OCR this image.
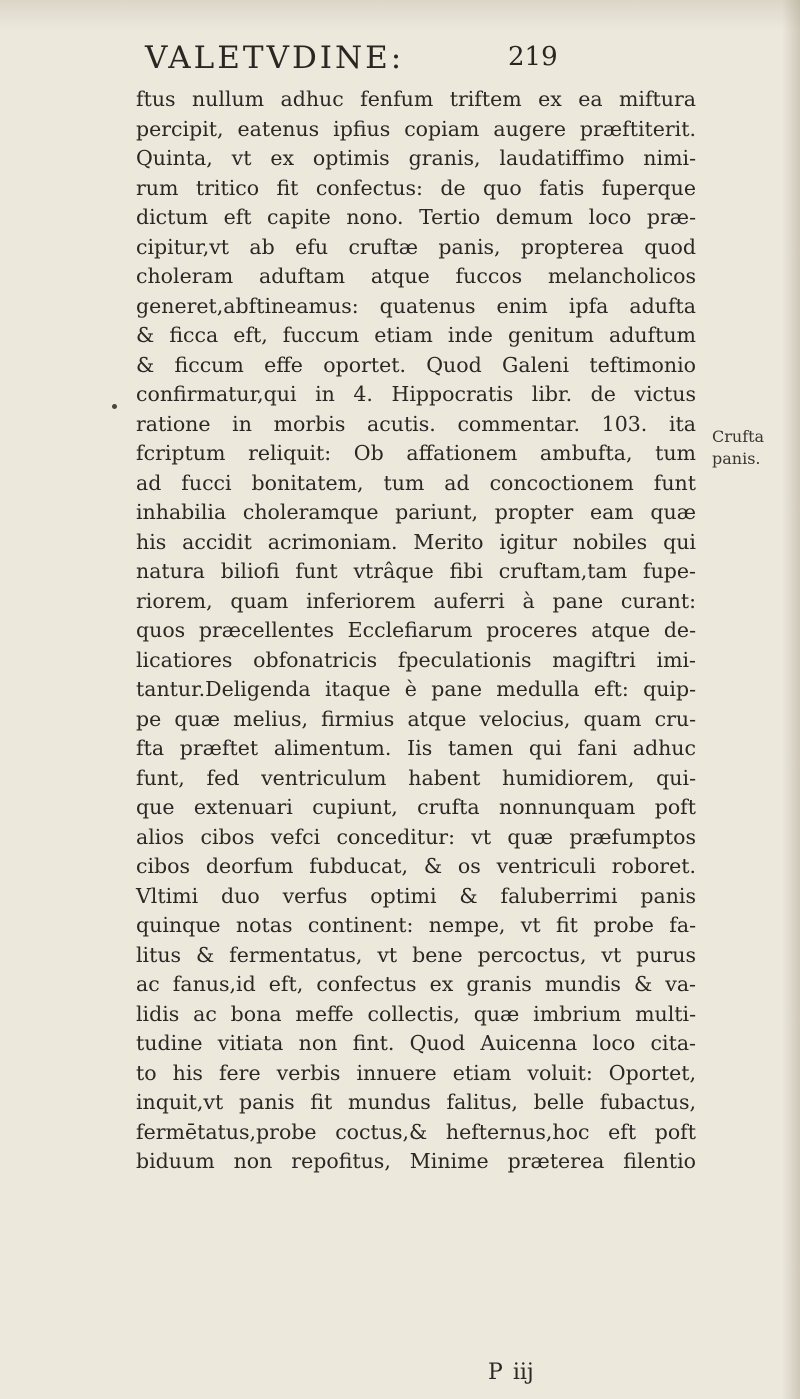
VALETVDINE:	219
ftus nullum adhuc fenfum triftem ex ea miftura
percipit, eatenus ipfius copiam augere præftiterit.
Quinta, vt ex optimis granis, laudatiffimo nimi-
rum tritico fit confectus: de quo fatis fuperque
dictum eft capite nono. Tertio demum loco præ-
cipitur,vt ab efu cruftæ panis, propterea quod
choleram aduftam atque fuccos melancholicos
generet,abftineamus: quatenus enim ipfa adufta
& ficca eft, fuccum etiam inde genitum aduftum
& ficcum effe oportet. Quod Galeni teftimonio
confirmatur,qui in 4. Hippocratis libr. de victus
ratione in morbis acutis. commentar. 103. ita
fcriptum reliquit: Ob affationem ambufta, tum
ad fucci bonitatem, tum ad concoctionem funt
inhabilia choleramque pariunt, propter eam quæ
his accidit acrimoniam. Merito igitur nobiles qui
natura biliofi funt vtrâque fibi cruftam,tam fupe-
riorem, quam inferiorem auferri à pane curant:
quos præcellentes Ecclefiarum proceres atque de-
licatiores obfonatricis fpeculationis magiftri imi-
tantur.Deligenda itaque è pane medulla eft: quip-
pe quæ melius, firmius atque velocius, quam cru-
fta præftet alimentum. Iis tamen qui fani adhuc
funt, fed ventriculum habent humidiorem, qui-
que extenuari cupiunt, crufta nonnunquam poft
alios cibos vefci conceditur: vt quæ præfumptos
cibos deorfum fubducat, & os ventriculi roboret.
Vltimi duo verfus optimi & faluberrimi panis
quinque notas continent: nempe, vt fit probe fa-
litus & fermentatus, vt bene percoctus, vt purus
ac fanus,id eft, confectus ex granis mundis & va-
lidis ac bona meffe collectis, quæ imbrium multi-
tudine vitiata non fint. Quod Auicenna loco cita-
to his fere verbis innuere etiam voluit: Oportet,
inquit,vt panis fit mundus falitus, belle fubactus,
fermētatus,probe coctus,& hefternus,hoc eft poft
biduum non repofitus, Minime præterea filentio
Crufta
panis.
P iij
